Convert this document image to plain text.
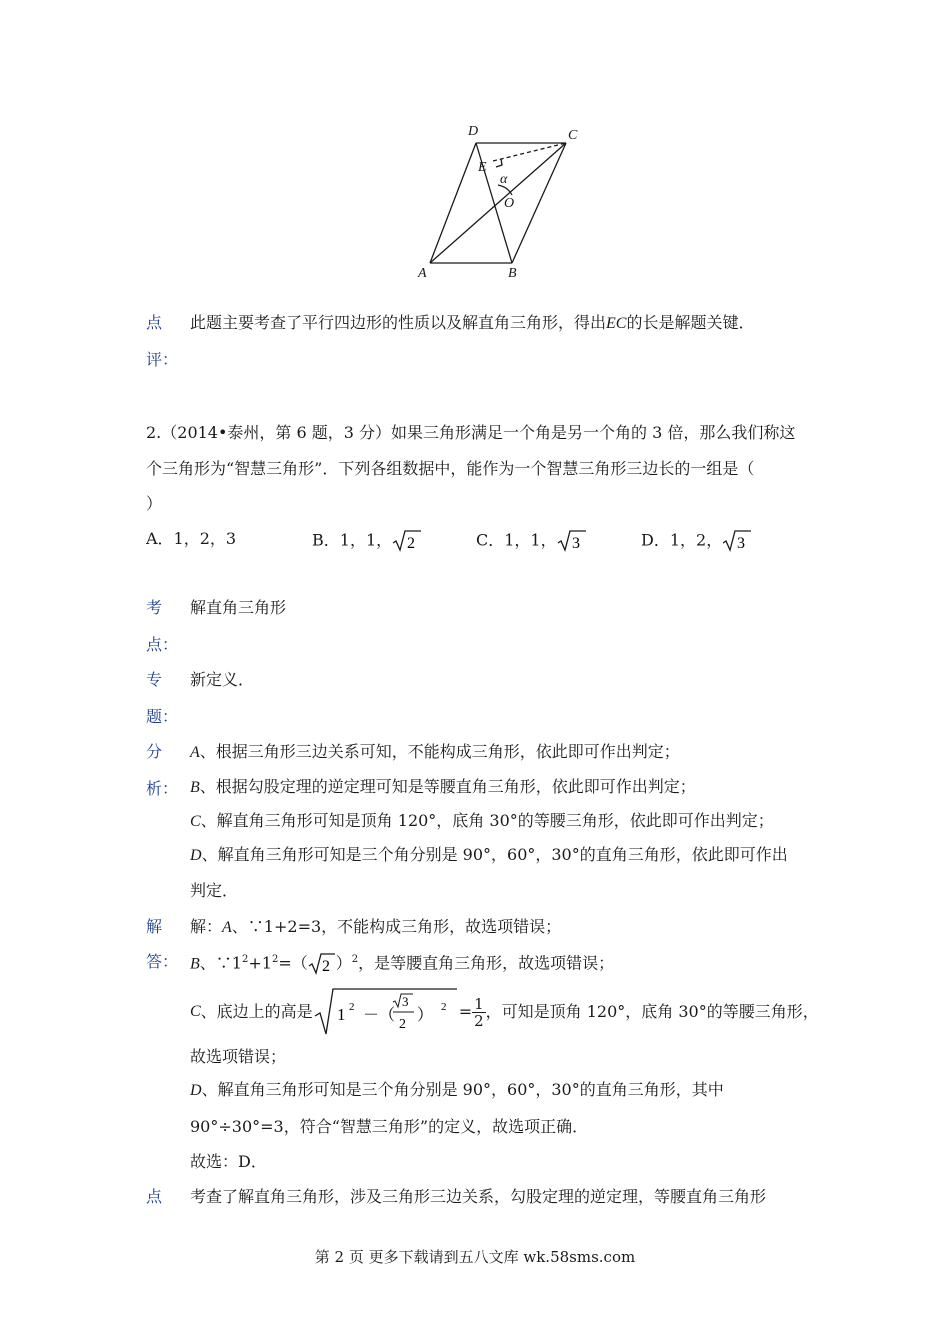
D	C
E
α
O
A	B
点
评：
此题主要考查了平行四边形的性质以及解直角三角形，得出EC的长是解题关键．
2.（2014•泰州，第 6 题，3 分）如果三角形满足一个角是另一个角的 3 倍，那么我们称这
个三角形为“智慧三角形”．下列各组数据中，能作为一个智慧三角形三边长的一组是（
）
A．1，2，3	B．1，1， 2	C．1，1， 3	D．1，2， 3
考
点：
解直角三角形
专
题：
新定义．
分
析：
A、根据三角形三边关系可知，不能构成三角形，依此即可作出判定；
B、根据勾股定理的逆定理可知是等腰直角三角形，依此即可作出判定；
C、解直角三角形可知是顶角 120°，底角 30°的等腰三角形，依此即可作出判定；
D、解直角三角形可知是三个角分别是 90°，60°，30°的直角三角形，依此即可作出
判定．
解
答：
解：A、∵1+2=3，不能构成三角形，故选项错误；
B、$\because 1^2+1^2=$（ 2 ）$^2$，是等腰直角三角形，故选项错误；
C 、底边上的高是 1 2 －（
3
2
） $2 = \frac{1}{2}$ ，可知是顶角 120°，底角 30°的等腰三角形，
故选项错误；
D、解直角三角形可知是三个角分别是 90°，60°，30°的直角三角形，其中
90°÷30°=3，符合“智慧三角形”的定义，故选项正确．
故选：D．
点 考查了解直角三角形，涉及三角形三边关系，勾股定理的逆定理，等腰直角三角形
第 2 页 更多下载请到五八文库 wk.58sms.com
